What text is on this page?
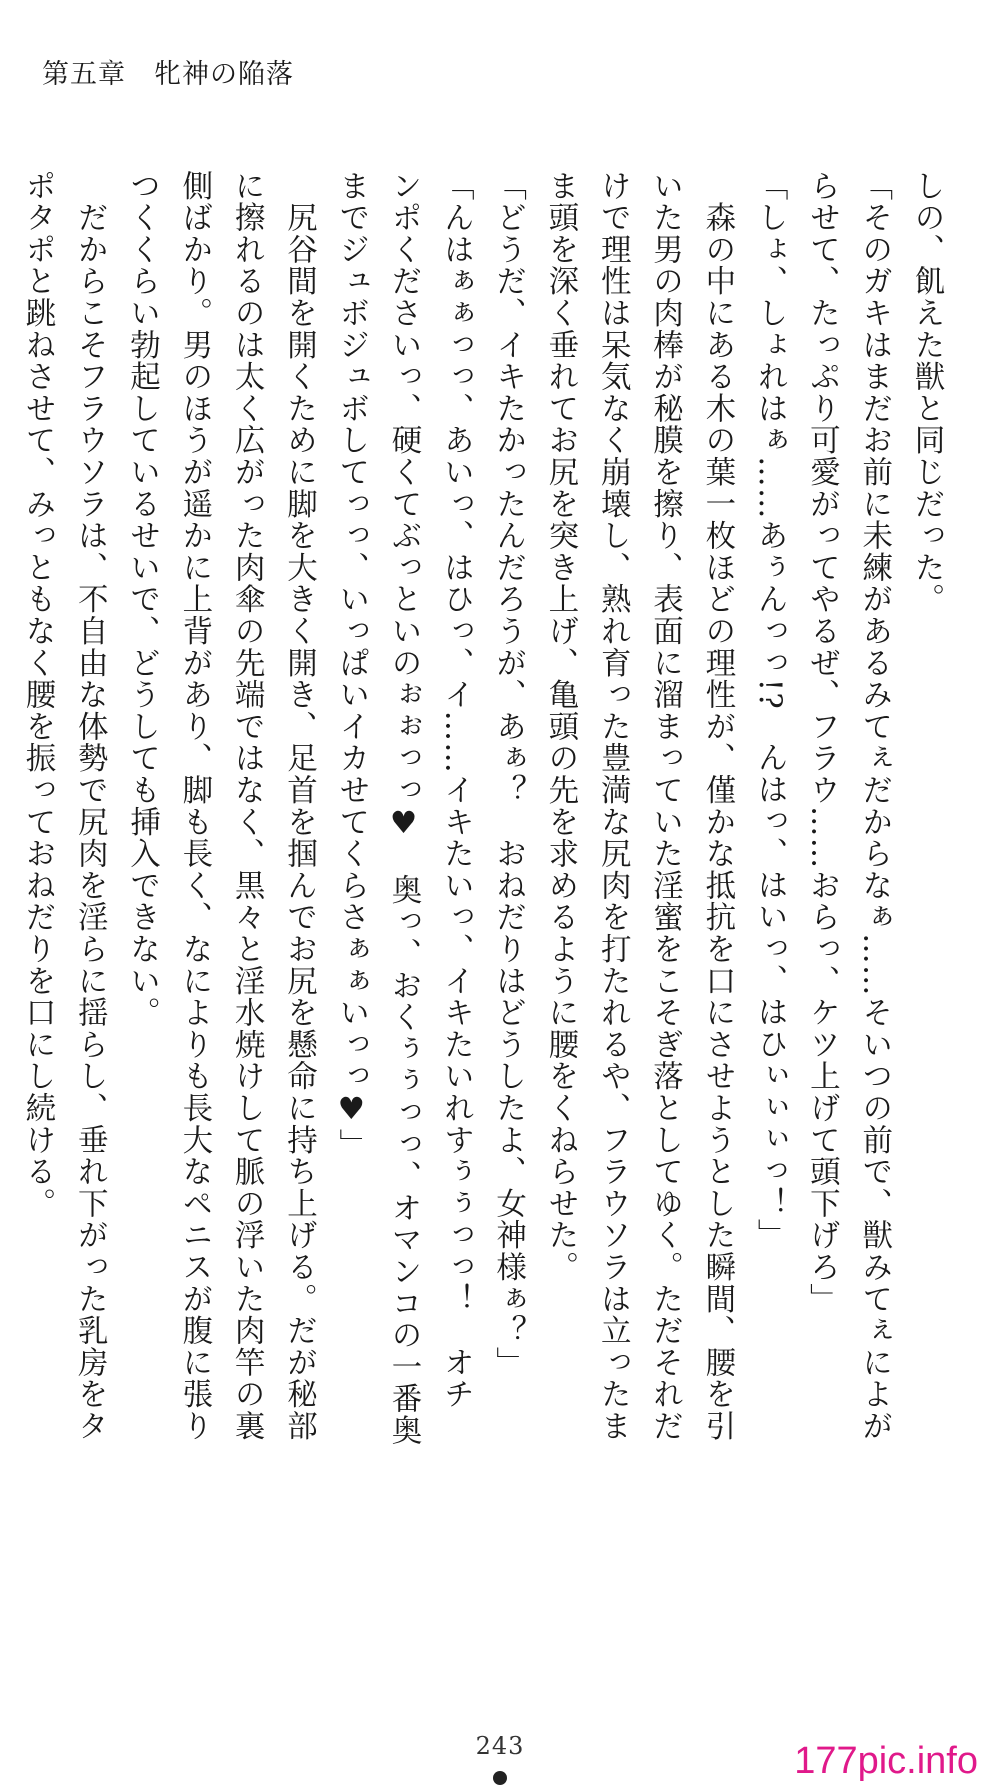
第五章　牝神の陥落

しの、飢えた獣と同じだった。

「そのガキはまだお前に未練があるみてぇだからなぁ……そいつの前で、獣みてぇによが

らせて、たっぷり可愛がってやるぜ、フラウ……おらっ、ケツ上げて頭下げろ」

「しょ、しょれはぁ……あぅんっっ!?　んはっ、はいっ、はひぃぃぃっ！」

　森の中にある木の葉一枚ほどの理性が、僅かな抵抗を口にさせようとした瞬間、腰を引

いた男の肉棒が秘膜を擦り、表面に溜まっていた淫蜜をこそぎ落としてゆく。ただそれだ

けで理性は呆気なく崩壊し、熟れ育った豊満な尻肉を打たれるや、フラウソラは立ったま

ま頭を深く垂れてお尻を突き上げ、亀頭の先を求めるように腰をくねらせた。

「どうだ、イキたかったんだろうが、あぁ？　おねだりはどうしたよ、女神様ぁ？」

「んはぁぁっっ、あいっ、はひっ、イ……イキたいっ、イキたいれすぅぅっっ！　オチ

ンポくださいっ、硬くてぶっといのぉぉっっ♥　奥っ、おくぅぅっっ、オマンコの一番奥

までジュボジュボしてっっ、いっぱいイカせてくらさぁぁいっっ♥」

　尻谷間を開くために脚を大きく開き、足首を掴んでお尻を懸命に持ち上げる。だが秘部

に擦れるのは太く広がった肉傘の先端ではなく、黒々と淫水焼けして脈の浮いた肉竿の裏

側ばかり。男のほうが遥かに上背があり、脚も長く、なによりも長大なペニスが腹に張り

つくくらい勃起しているせいで、どうしても挿入できない。

　だからこそフラウソラは、不自由な体勢で尻肉を淫らに揺らし、垂れ下がった乳房をタ

ポタポと跳ねさせて、みっともなく腰を振っておねだりを口にし続ける。

243	177pic.info
